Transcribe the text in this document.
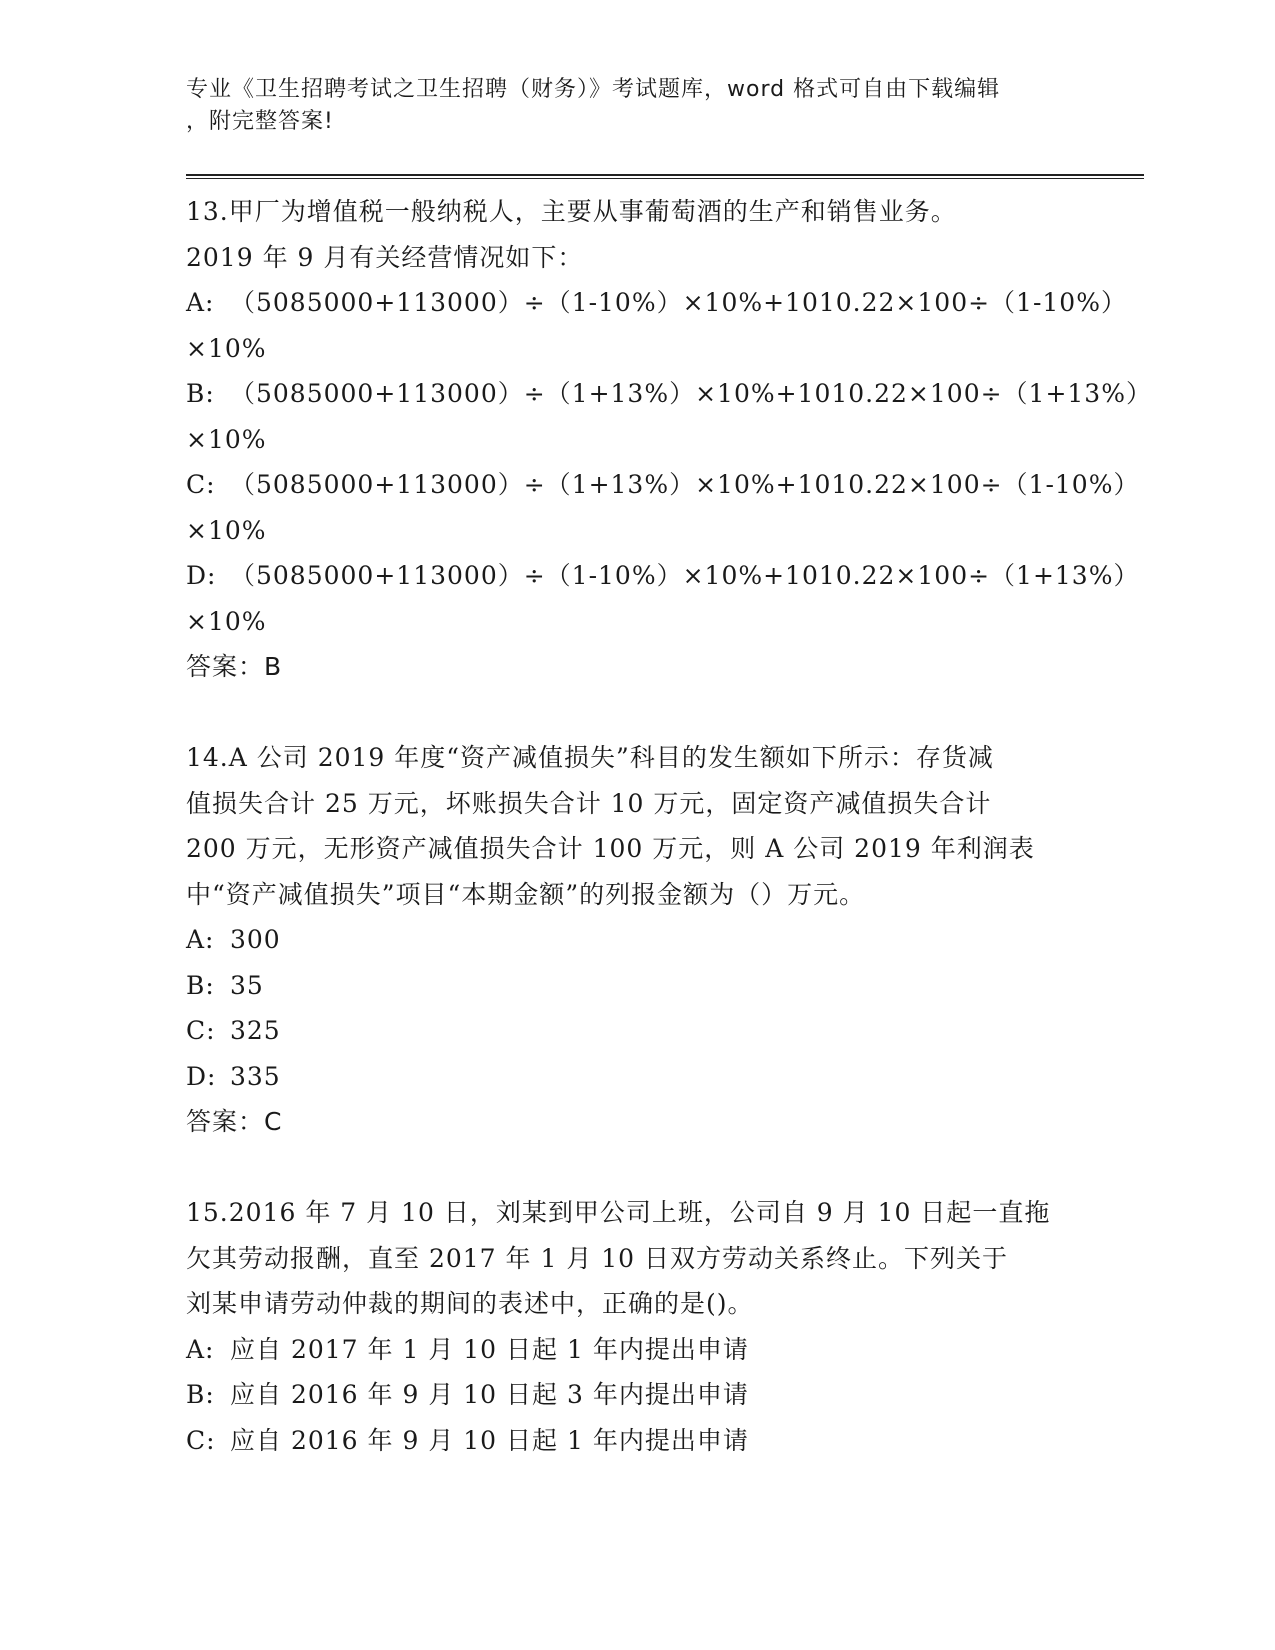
专业《卫生招聘考试之卫生招聘（财务）》考试题库，word 格式可自由下载编辑
，附完整答案!
13.甲厂为增值税一般纳税人，主要从事葡萄酒的生产和销售业务。
2019 年 9 月有关经营情况如下：
A: （5085000+113000）÷（1-10%）×10%+1010.22×100÷（1-10%）
×10%
B: （5085000+113000）÷（1+13%）×10%+1010.22×100÷（1+13%）
×10%
C: （5085000+113000）÷（1+13%）×10%+1010.22×100÷（1-10%）
×10%
D: （5085000+113000）÷（1-10%）×10%+1010.22×100÷（1+13%）
×10%
答案：B
14.A 公司 2019 年度“资产减值损失”科目的发生额如下所示：存货减
值损失合计 25 万元，坏账损失合计 10 万元，固定资产减值损失合计
200 万元，无形资产减值损失合计 100 万元，则 A 公司 2019 年利润表
中“资产减值损失”项目“本期金额”的列报金额为（）万元。
A: 300
B: 35
C: 325
D: 335
答案：C
15.2016 年 7 月 10 日，刘某到甲公司上班，公司自 9 月 10 日起一直拖
欠其劳动报酬，直至 2017 年 1 月 10 日双方劳动关系终止。下列关于
刘某申请劳动仲裁的期间的表述中，正确的是()。
A: 应自 2017 年 1 月 10 日起 1 年内提出申请
B: 应自 2016 年 9 月 10 日起 3 年内提出申请
C: 应自 2016 年 9 月 10 日起 1 年内提出申请
